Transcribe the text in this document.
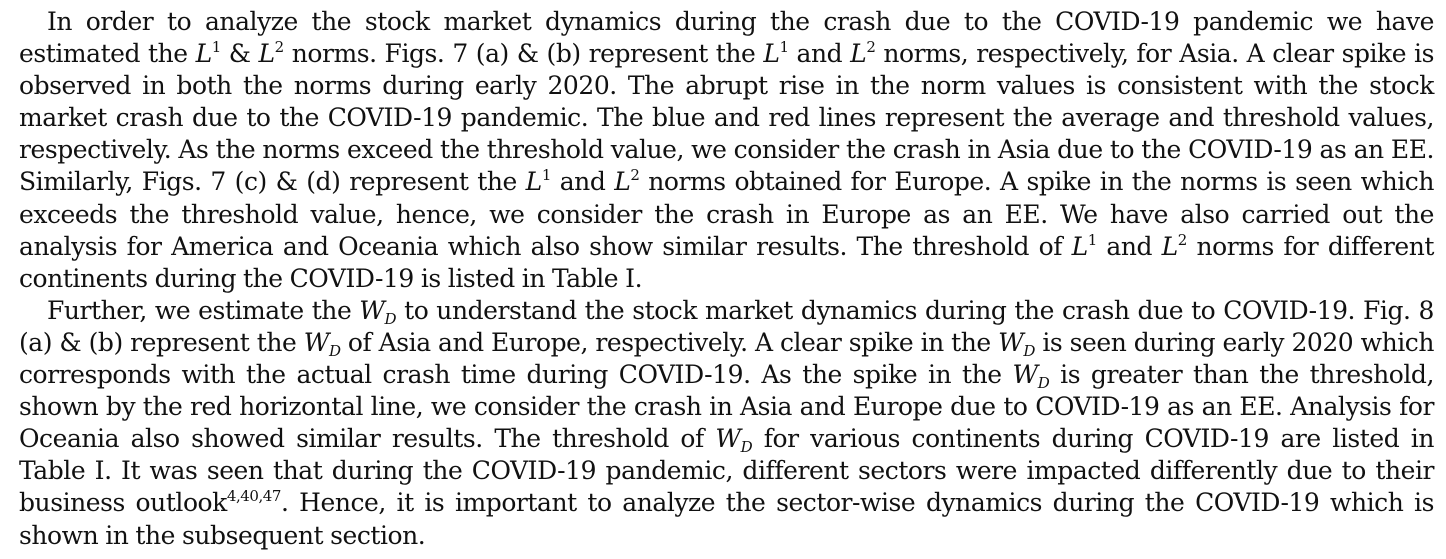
In order to analyze the stock market dynamics during the crash due to the COVID-19 pandemic we have estimated the $L^1$ & $L^2$ norms. Figs. 7 (a) & (b) represent the $L^1$ and $L^2$ norms, respectively, for Asia. A clear spike is observed in both the norms during early 2020. The abrupt rise in the norm values is consistent with the stock market crash due to the COVID-19 pandemic. The blue and red lines represent the average and threshold values, respectively. As the norms exceed the threshold value, we consider the crash in Asia due to the COVID-19 as an EE. Similarly, Figs. 7 (c) & (d) represent the $L^1$ and $L^2$ norms obtained for Europe. A spike in the norms is seen which exceeds the threshold value, hence, we consider the crash in Europe as an EE. We have also carried out the analysis for America and Oceania which also show similar results. The threshold of $L^1$ and $L^2$ norms for different continents during the COVID-19 is listed in Table I.

Further, we estimate the $W_D$ to understand the stock market dynamics during the crash due to COVID-19. Fig. 8 (a) & (b) represent the $W_D$ of Asia and Europe, respectively. A clear spike in the $W_D$ is seen during early 2020 which corresponds with the actual crash time during COVID-19. As the spike in the $W_D$ is greater than the threshold, shown by the red horizontal line, we consider the crash in Asia and Europe due to COVID-19 as an EE. Analysis for Oceania also showed similar results. The threshold of $W_D$ for various continents during COVID-19 are listed in Table I. It was seen that during the COVID-19 pandemic, different sectors were impacted differently due to their business outlook$^{4,40,47}$. Hence, it is important to analyze the sector-wise dynamics during the COVID-19 which is shown in the subsequent section.
